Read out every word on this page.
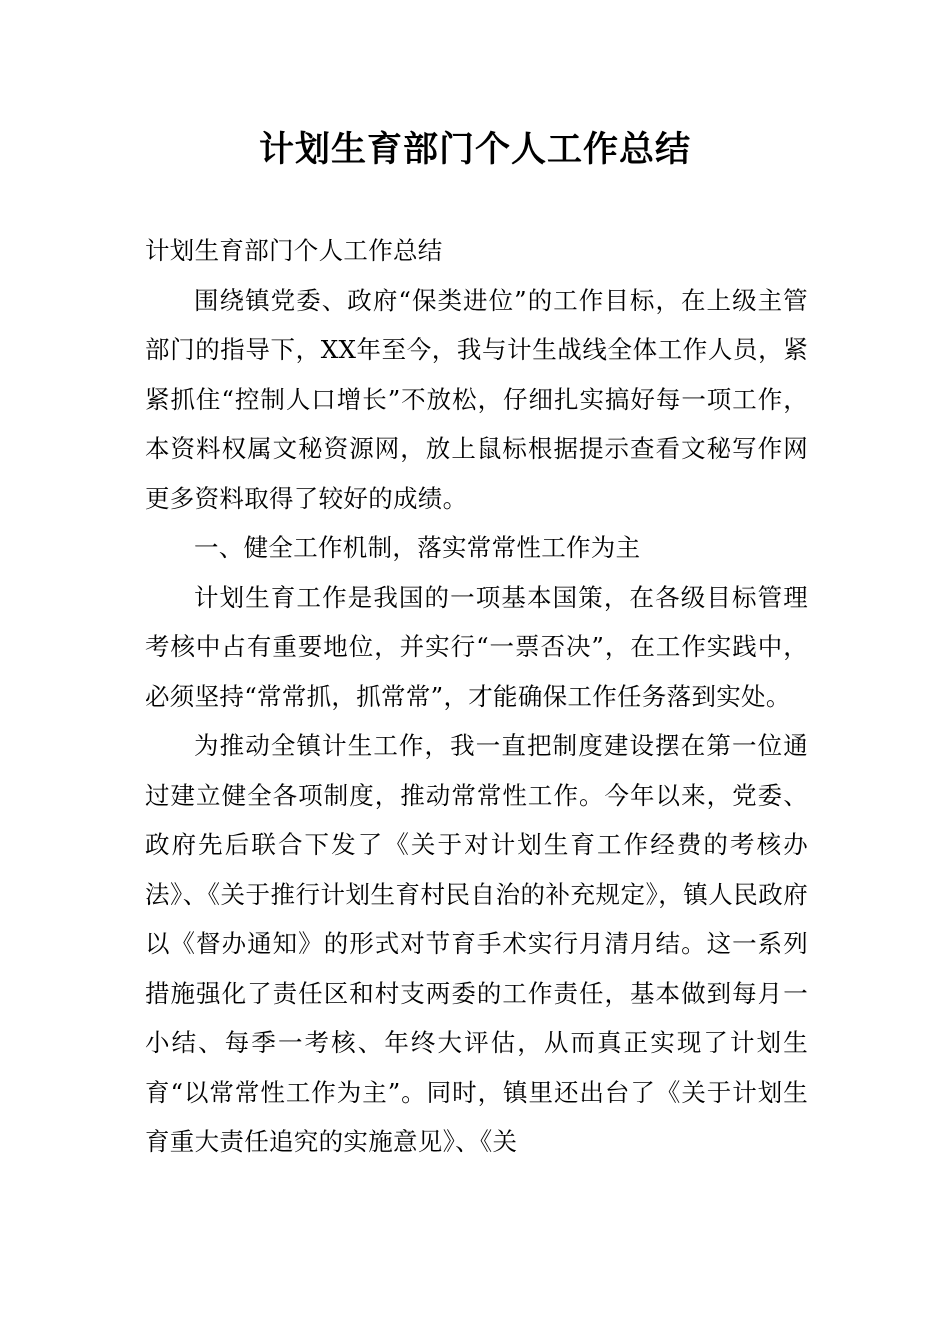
计划生育部门个人工作总结

计划生育部门个人工作总结

围绕镇党委、政府“保类进位”的工作目标，在上级主管部门的指导下，XX年至今，我与计生战线全体工作人员，紧紧抓住“控制人口增长”不放松，仔细扎实搞好每一项工作，本资料权属文秘资源网，放上鼠标根据提示查看文秘写作网更多资料取得了较好的成绩。

一、健全工作机制，落实常常性工作为主

计划生育工作是我国的一项基本国策，在各级目标管理考核中占有重要地位，并实行“一票否决”，在工作实践中，必须坚持“常常抓，抓常常”，才能确保工作任务落到实处。

为推动全镇计生工作，我一直把制度建设摆在第一位通过建立健全各项制度，推动常常性工作。今年以来，党委、政府先后联合下发了《关于对计划生育工作经费的考核办法》、《关于推行计划生育村民自治的补充规定》，镇人民政府以《督办通知》的形式对节育手术实行月清月结。这一系列措施强化了责任区和村支两委的工作责任，基本做到每月一小结、每季一考核、年终大评估，从而真正实现了计划生育“以常常性工作为主”。同时，镇里还出台了《关于计划生育重大责任追究的实施意见》、《关
